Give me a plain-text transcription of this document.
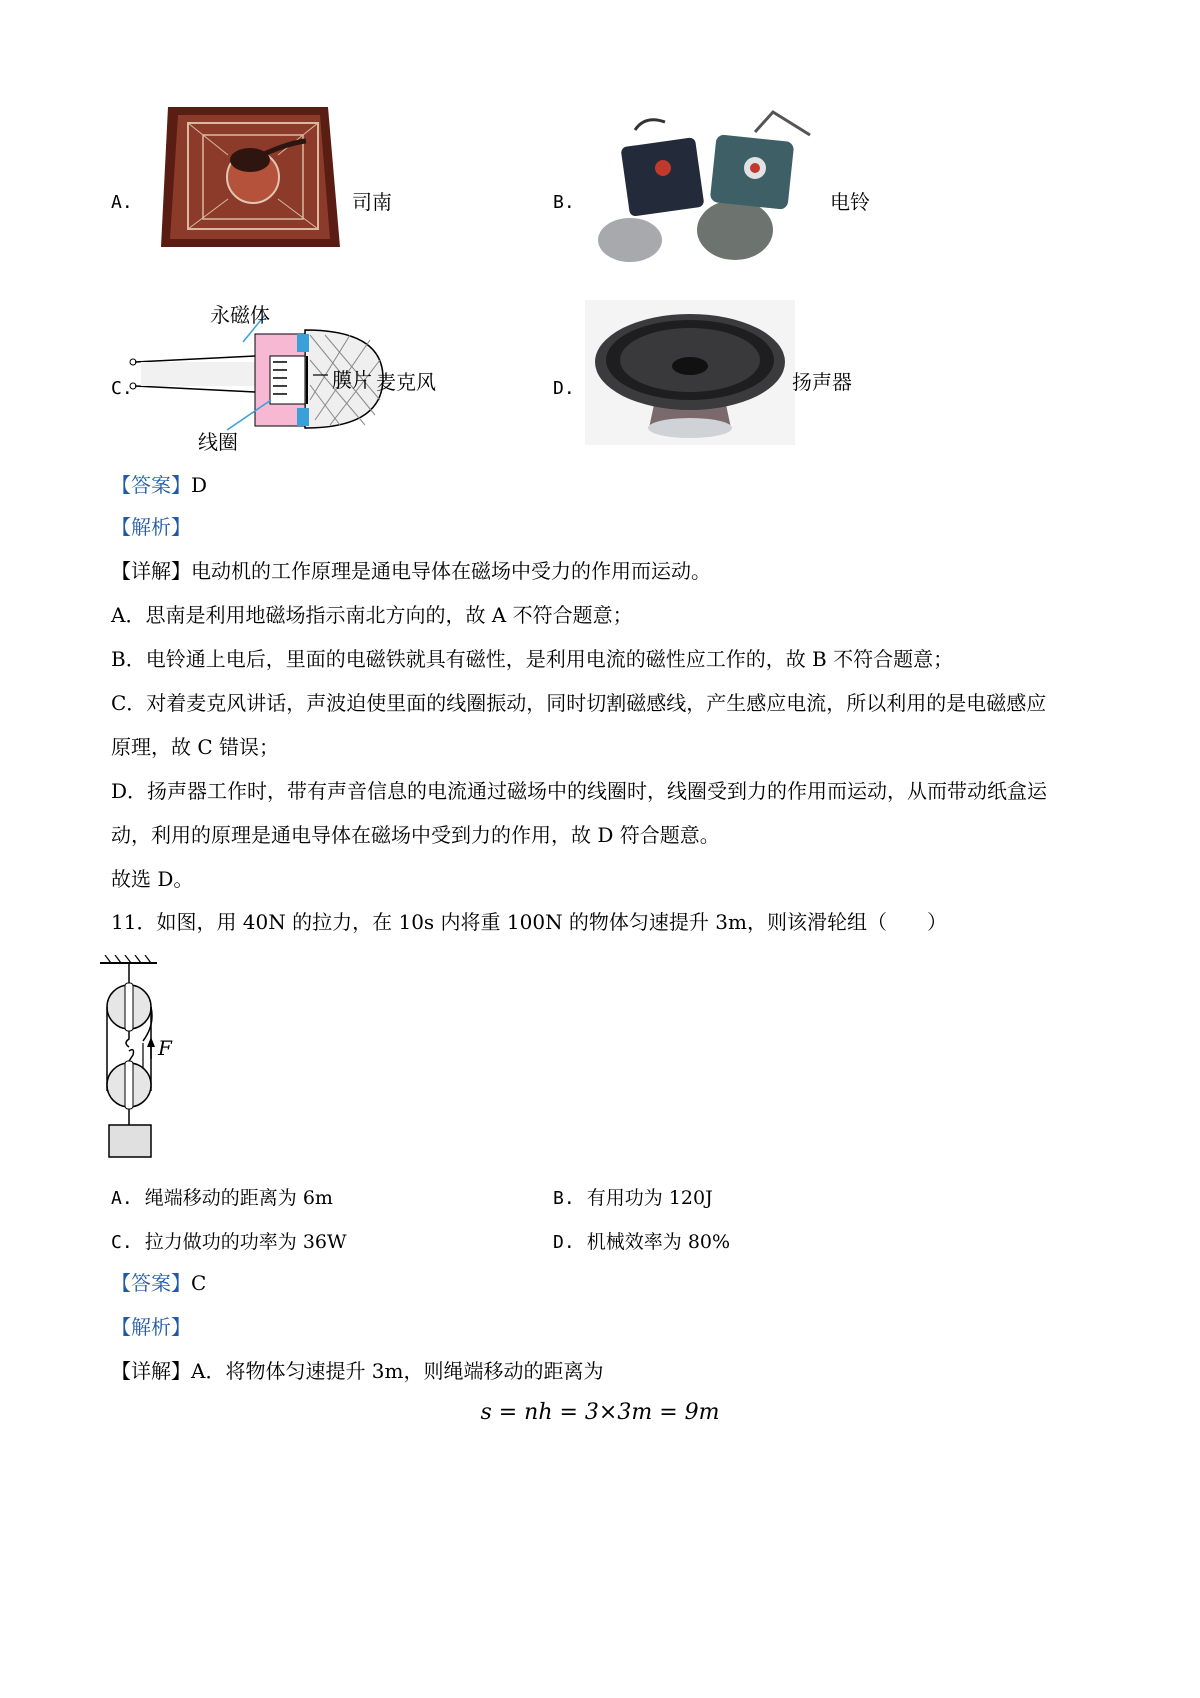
A.	司南	B.	电铃
C.
永磁体
膜片
线圈
麦克风	D.	扬声器
【答案】D
【解析】
【详解】电动机的工作原理是通电导体在磁场中受力的作用而运动。
A．思南是利用地磁场指示南北方向的，故 A 不符合题意；
B．电铃通上电后，里面的电磁铁就具有磁性，是利用电流的磁性应工作的，故 B 不符合题意；
C．对着麦克风讲话，声波迫使里面的线圈振动，同时切割磁感线，产生感应电流，所以利用的是电磁感应
原理，故 C 错误；
D．扬声器工作时，带有声音信息的电流通过磁场中的线圈时，线圈受到力的作用而运动，从而带动纸盒运
动，利用的原理是通电导体在磁场中受到力的作用，故 D 符合题意。
故选 D。
11．如图，用 40N 的拉力，在 10s 内将重 100N 的物体匀速提升 3m，则该滑轮组（　　）
F
A. 绳端移动的距离为 6m	B. 有用功为 120J
C. 拉力做功的功率为 36W	D. 机械效率为 80%
【答案】C
【解析】
【详解】A．将物体匀速提升 3m，则绳端移动的距离为
s = nh = 3×3m = 9m
